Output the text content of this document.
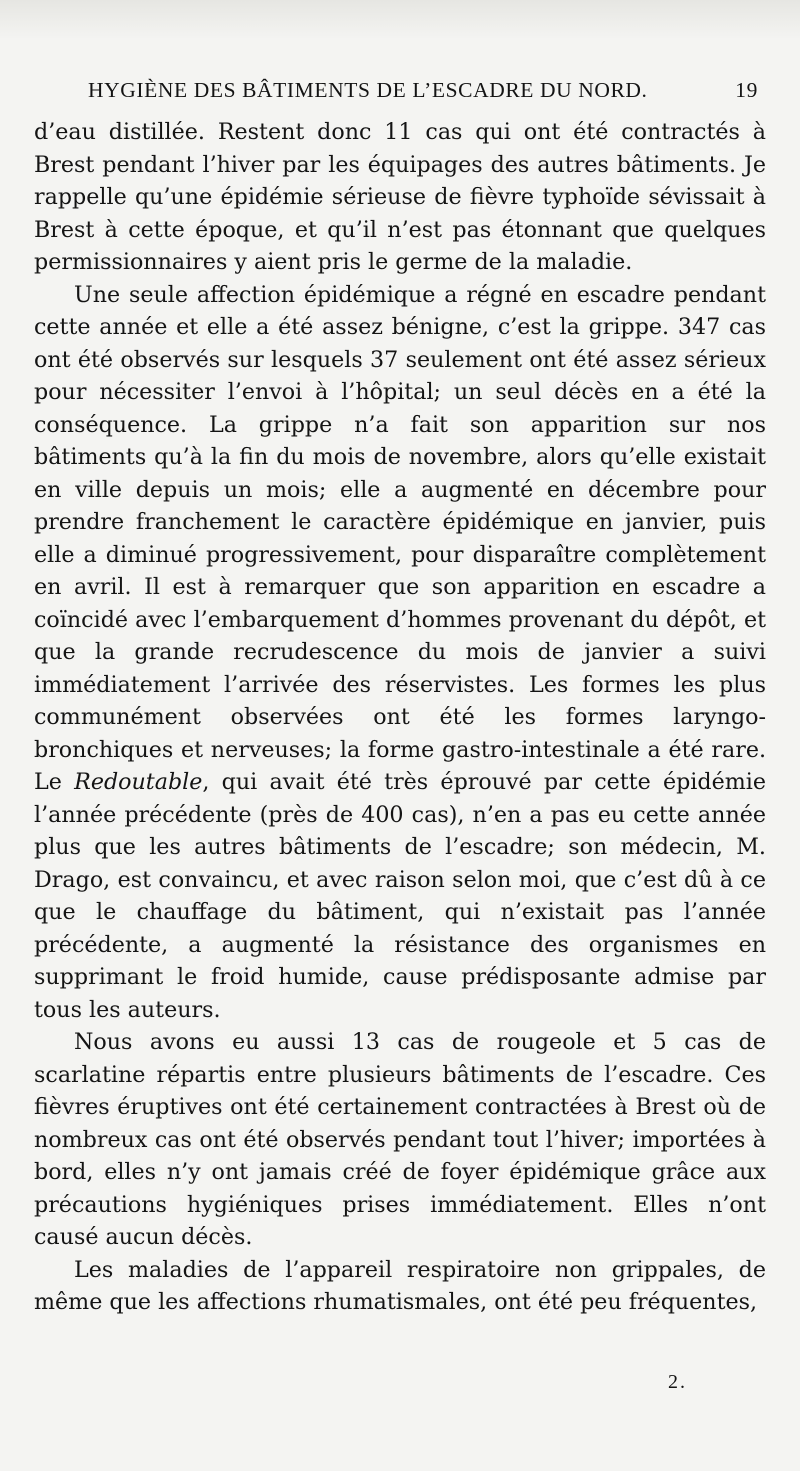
HYGIÈNE DES BÂTIMENTS DE L’ESCADRE DU NORD.	19

d’eau distillée. Restent donc 11 cas qui ont été contractés à Brest pendant l’hiver par les équipages des autres bâtiments. Je rappelle qu’une épidémie sérieuse de fièvre typhoïde sévissait à Brest à cette époque, et qu’il n’est pas étonnant que quelques permissionnaires y aient pris le germe de la maladie.

Une seule affection épidémique a régné en escadre pendant cette année et elle a été assez bénigne, c’est la grippe. 347 cas ont été observés sur lesquels 37 seulement ont été assez sérieux pour nécessiter l’envoi à l’hôpital; un seul décès en a été la conséquence. La grippe n’a fait son apparition sur nos bâtiments qu’à la fin du mois de novembre, alors qu’elle existait en ville depuis un mois; elle a augmenté en décembre pour prendre franchement le caractère épidémique en janvier, puis elle a diminué progressivement, pour disparaître complètement en avril. Il est à remarquer que son apparition en escadre a coïncidé avec l’embarquement d’hommes provenant du dépôt, et que la grande recrudescence du mois de janvier a suivi immédiatement l’arrivée des réservistes. Les formes les plus communément observées ont été les formes laryngo-bronchiques et nerveuses; la forme gastro-intestinale a été rare. Le Redoutable, qui avait été très éprouvé par cette épidémie l’année précédente (près de 400 cas), n’en a pas eu cette année plus que les autres bâtiments de l’escadre; son médecin, M. Drago, est convaincu, et avec raison selon moi, que c’est dû à ce que le chauffage du bâtiment, qui n’existait pas l’année précédente, a augmenté la résistance des organismes en supprimant le froid humide, cause prédisposante admise par tous les auteurs.

Nous avons eu aussi 13 cas de rougeole et 5 cas de scarlatine répartis entre plusieurs bâtiments de l’escadre. Ces fièvres éruptives ont été certainement contractées à Brest où de nombreux cas ont été observés pendant tout l’hiver; importées à bord, elles n’y ont jamais créé de foyer épidémique grâce aux précautions hygiéniques prises immédiatement. Elles n’ont causé aucun décès.

Les maladies de l’appareil respiratoire non grippales, de même que les affections rhumatismales, ont été peu fréquentes,

2.
